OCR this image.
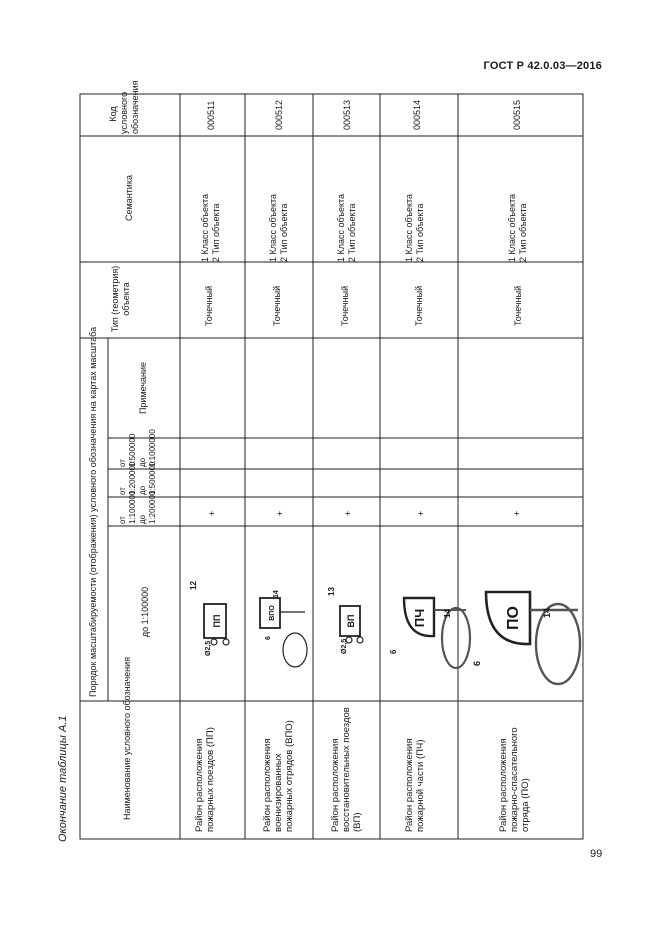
ГОСТ Р 42.0.03—2016
Окончание таблицы А.1	Наименование условного обозначения
Порядок масштабируемости (отображения) условного обозначения на картах масштаба	до 1:100000
от 1:100000 до 1:200000
от 1:200000 до 1:500000
от 1:500000 до 1:1000000
Примечание
Тип (геометрия) объекта
Семантика
Код условного обозначения
Район расположения пожарных поездов (ПП)
Точечный
1 Класс объекта 2 Тип объекта
000511
+
Район расположения военизированных пожарных отрядов (ВПО)
Точечный
1 Класс объекта 2 Тип объекта
000512
+
Район расположения восстановительных поездов (ВП)
Точечный
1 Класс объекта 2 Тип объекта
000513
+
Район расположения пожарной части (ПЧ)
Точечный
1 Класс объекта 2 Тип объекта
000514
+
Район расположения пожарно-спасательного отряда (ПО)
Точечный
1 Класс объекта 2 Тип объекта
000515
+
ПП
12
Ø2,5
ВПО
14
6
ВП
13
Ø2,5
ПЧ 14
6
ПО 14
6
99
